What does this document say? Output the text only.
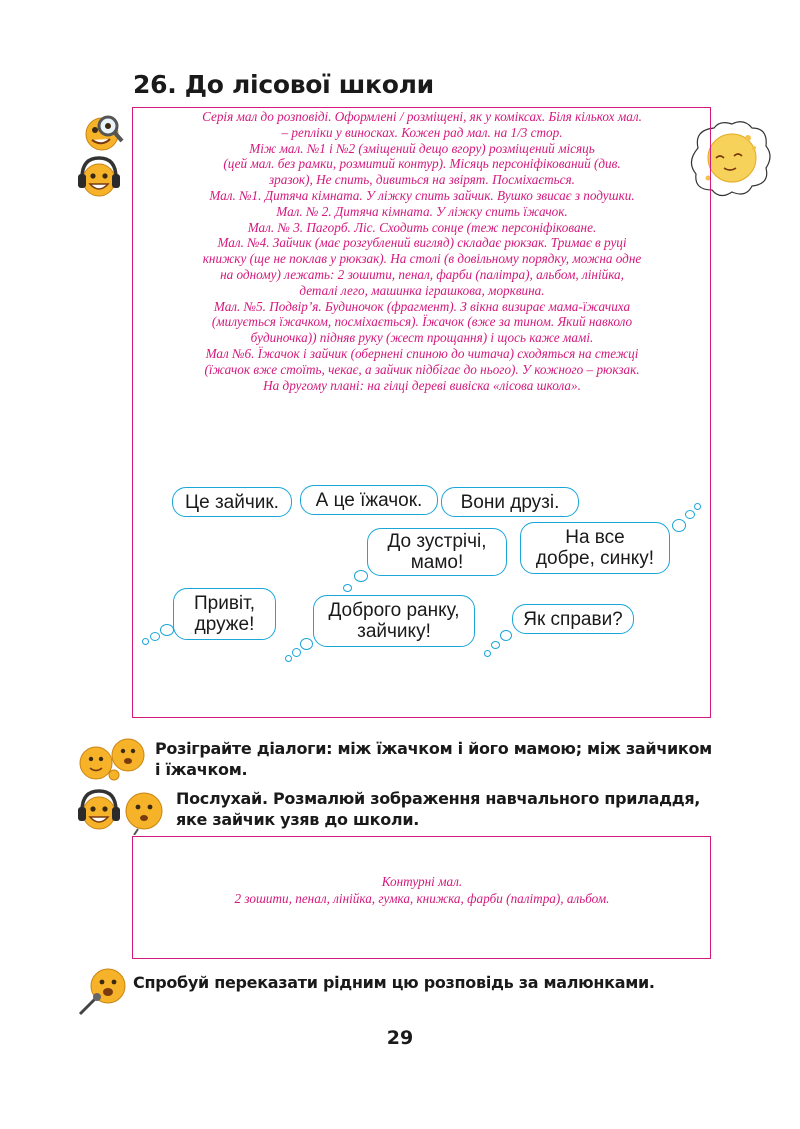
26. До лісової школи
Серія мал до розповіді. Оформлені / розміщені, як у коміксах. Біля кількох мал.
– репліки у виносках. Кожен рад мал. на 1/3 стор.
Між мал. №1 і №2 (зміщений дещо вгору) розміщений місяць
(цей мал. без рамки, розмитий контур). Місяць персоніфікований (див.
зразок), Не спить, дивиться на звірят. Посміхається.
Мал. №1. Дитяча кімната. У ліжку спить зайчик. Вушко звисає з подушки.
Мал. № 2. Дитяча кімната. У ліжку спить їжачок.
Мал. № 3. Пагорб. Ліс. Сходить сонце (теж персоніфіковане.
Мал. №4. Зайчик (має розгублений вигляд) складає рюкзак. Тримає в руці
книжку (ще не поклав у рюкзак). На столі (в довільному порядку, можна одне
на одному) лежать: 2 зошити, пенал, фарби (палітра), альбом, лінійка,
деталі лего, машинка іграшкова, морквина.
Мал. №5. Подвір’я. Будиночок (фрагмент). З вікна визирає мама-їжачиха
(милується їжачком, посміхається). Їжачок (вже за тином. Який навколо
будиночка)) підняв руку (жест прощання) і щось каже мамі.
Мал №6. Їжачок і зайчик (обернені спиною до читача) сходяться на стежці
(їжачок вже стоїть, чекає, а зайчик підбігає до нього). У кожного – рюкзак.
На другому плані: на гілці дереві вивіска «лісова школа».
Це зайчик. А це їжачок. Вони друзі.
До зустрічі,
мамо!
На все
добре, синку!
Привіт,
друже!
Доброго ранку,
зайчику!
Як справи?
Розіграйте діалоги: між їжачком і його мамою; між зайчиком
і їжачком.
Послухай. Розмалюй зображення навчального приладдя,
яке зайчик узяв до школи.
Контурні мал.
2 зошити, пенал, лінійка, гумка, книжка, фарби (палітра), альбом.
Спробуй переказати рідним цю розповідь за малюнками.
29
